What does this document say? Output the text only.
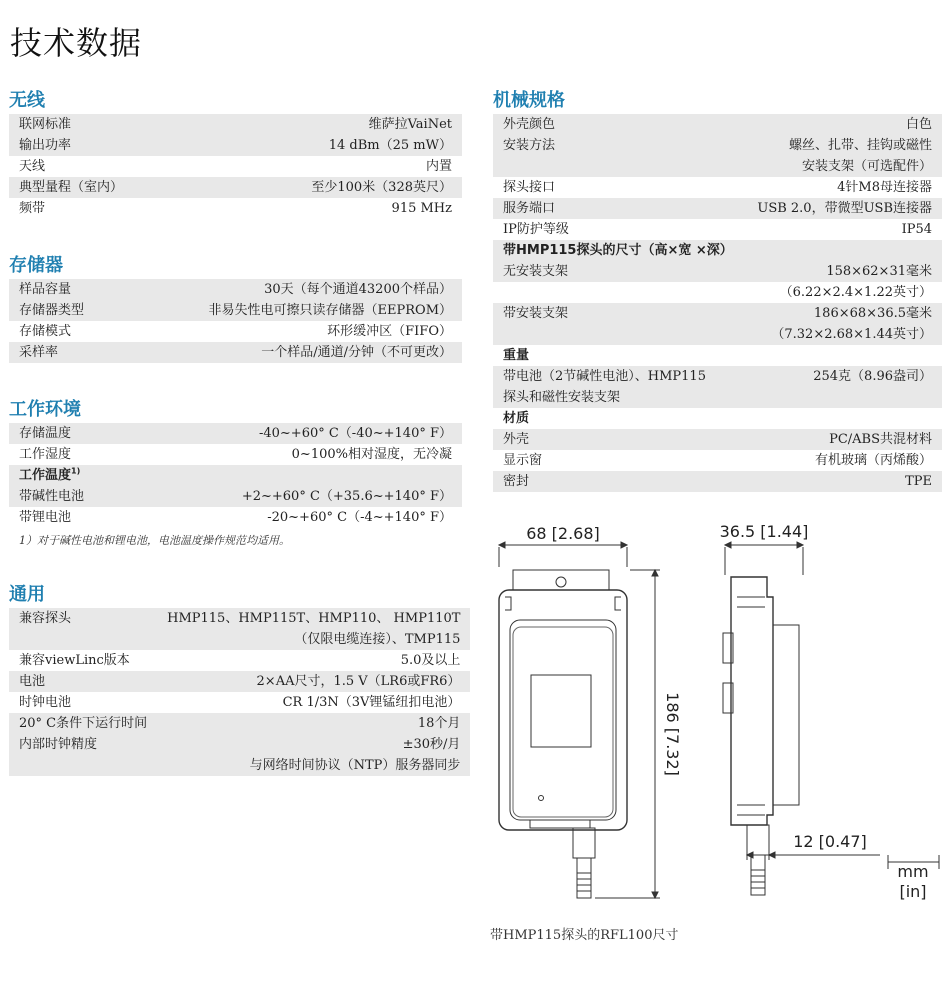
技术数据
无线
联网标准	维萨拉VaiNet
输出功率	14 dBm（25 mW）
天线	内置
典型量程（室内）	至少100米（328英尺）
频带	915 MHz
存储器
样品容量	30天（每个通道43200个样品）
存储器类型	非易失性电可擦只读存储器（EEPROM）
存储模式	环形缓冲区（FIFO）
采样率	一个样品/通道/分钟（不可更改）
工作环境
存储温度	-40~+60° C（-40~+140° F）
工作湿度	0~100%相对湿度，无冷凝
工作温度$^{1)}$
带碱性电池	+2~+60° C（+35.6~+140° F）
带锂电池	-20~+60° C（-4~+140° F）
1）对于碱性电池和锂电池，电池温度操作规范均适用。
通用
兼容探头	HMP115、HMP115T、HMP110、 HMP110T
	（仅限电缆连接）、TMP115
兼容viewLinc版本	5.0及以上
电池	2×AA尺寸，1.5 V（LR6或FR6）
时钟电池	CR 1/3N（3V锂锰纽扣电池）
20° C条件下运行时间	18个月
内部时钟精度	±30秒/月
	与网络时间协议（NTP）服务器同步
机械规格
外壳颜色	白色
安装方法	螺丝、扎带、挂钩或磁性
	安装支架（可选配件）
探头接口	4针M8母连接器
服务端口	USB 2.0，带微型USB连接器
IP防护等级	IP54
带HMP115探头的尺寸（高×宽 ×深）	
无安装支架	158×62×31毫米
	（6.22×2.4×1.22英寸）
带安装支架	186×68×36.5毫米
	（7.32×2.68×1.44英寸）
重量	
带电池（2节碱性电池）、HMP115	254克（8.96盎司）
探头和磁性安装支架	
材质	
外壳	PC/ABS共混材料
显示窗	有机玻璃（丙烯酸）
密封	TPE
68 [2.68]	36.5 [1.44]
186 [7.32]
12 [0.47]
mm
[in]
带HMP115探头的RFL100尺寸
